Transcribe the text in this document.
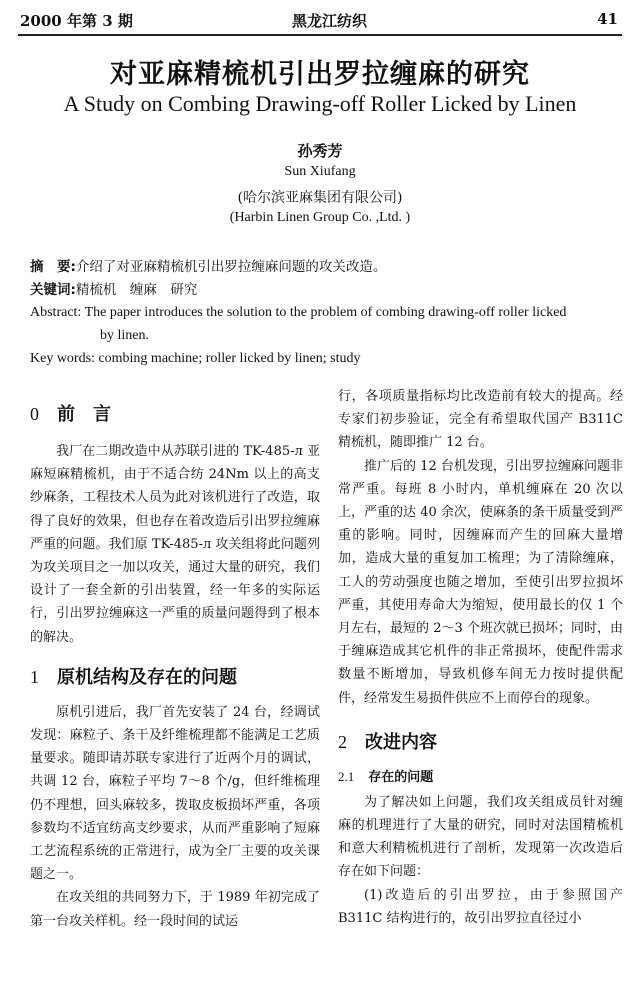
2000 年第 3 期	黑龙江纺织	41
对亚麻精梳机引出罗拉缠麻的研究
A Study on Combing Drawing-off Roller Licked by Linen
孙秀芳
Sun Xiufang
(哈尔滨亚麻集团有限公司)
(Harbin Linen Group Co. ,Ltd. )
摘　要:介绍了对亚麻精梳机引出罗拉缠麻问题的攻关改造。
关键词:精梳机　缠麻　研究
Abstract: The paper introduces the solution to the problem of combing drawing-off roller licked
by linen.
Key words: combing machine; roller licked by linen; study
0 前　言

我厂在二期改造中从苏联引进的 TK-485-л 亚麻短麻精梳机，由于不适合纺 24Nm 以上的高支纱麻条，工程技术人员为此对该机进行了改造，取得了良好的效果，但也存在着改造后引出罗拉缠麻严重的问题。我们原 TK-485-л 攻关组将此问题列为攻关项目之一加以攻关，通过大量的研究，我们设计了一套全新的引出装置，经一年多的实际运行，引出罗拉缠麻这一严重的质量问题得到了根本的解决。

1 原机结构及存在的问题

原机引进后，我厂首先安装了 24 台，经调试发现：麻粒子、条干及纤维梳理都不能满足工艺质量要求。随即请苏联专家进行了近两个月的调试，共调 12 台，麻粒子平均 7～8 个/g，但纤维梳理仍不理想，回头麻较多，拨取皮板损坏严重，各项参数均不适宜纺高支纱要求，从而严重影响了短麻工艺流程系统的正常进行，成为全厂主要的攻关课题之一。

在攻关组的共同努力下，于 1989 年初完成了第一台攻关样机。经一段时间的试运

行，各项质量指标均比改造前有较大的提高。经专家们初步验证，完全有希望取代国产 B311C 精梳机，随即推广 12 台。

推广后的 12 台机发现，引出罗拉缠麻问题非常严重。每班 8 小时内，单机缠麻在 20 次以上，严重的达 40 余次，使麻条的条干质量受到严重的影响。同时，因缠麻而产生的回麻大量增加，造成大量的重复加工梳理；为了清除缠麻，工人的劳动强度也随之增加，至使引出罗拉损坏严重，其使用寿命大为缩短，使用最长的仅 1 个月左右，最短的 2～3 个班次就已损坏；同时，由于缠麻造成其它机件的非正常损坏，使配件需求数量不断增加，导致机修车间无力按时提供配件，经常发生易损件供应不上而停台的现象。

2 改进内容
2.1 存在的问题

为了解决如上问题，我们攻关组成员针对缠麻的机理进行了大量的研究，同时对法国精梳机和意大利精梳机进行了剖析，发现第一次改造后存在如下问题：

(1)改造后的引出罗拉，由于参照国产 B311C 结构进行的，故引出罗拉直径过小
